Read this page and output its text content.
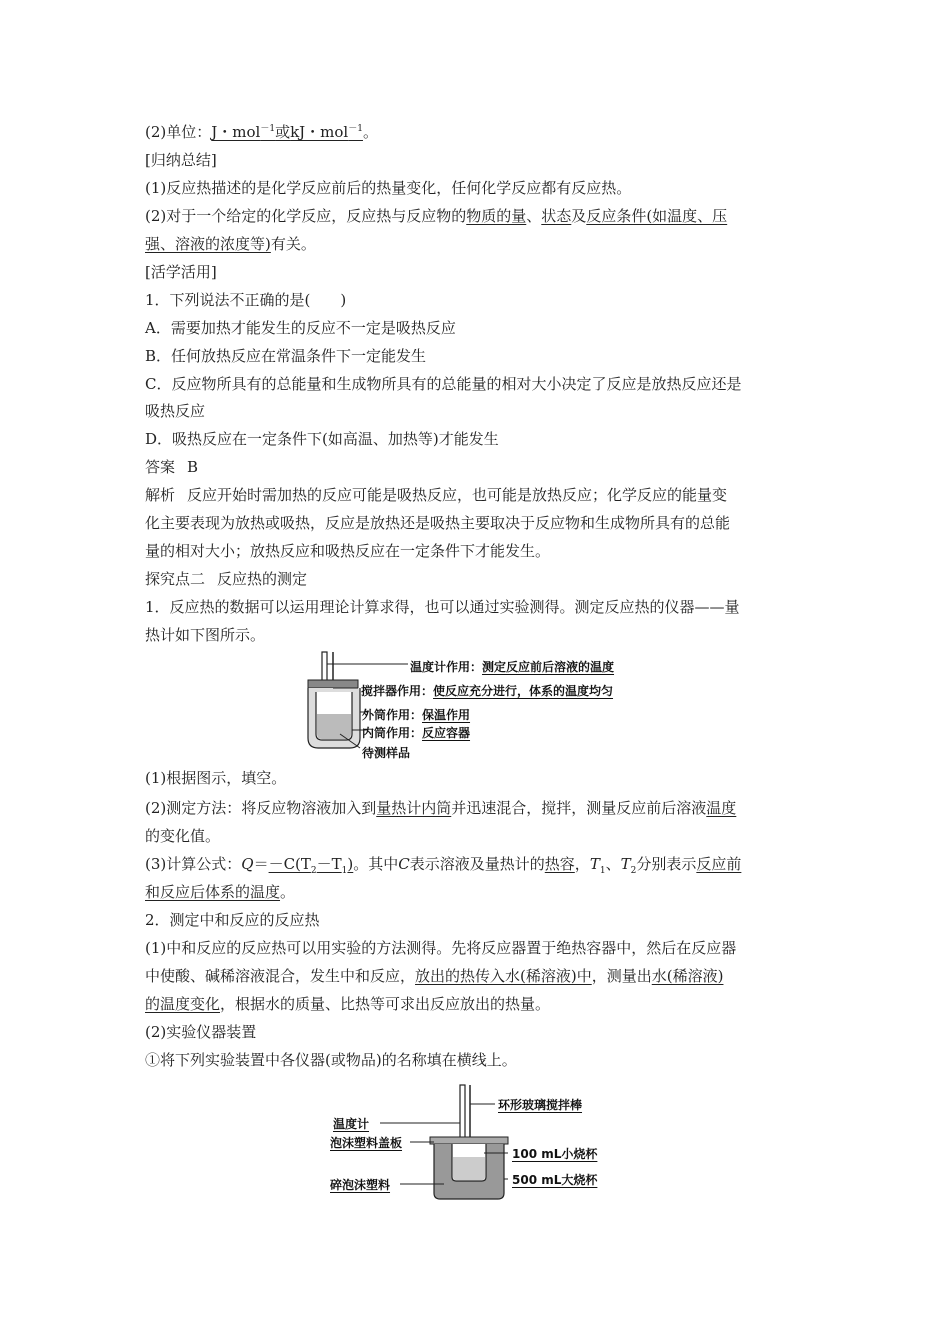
(2)单位：J・mol$^{-1}$或kJ・mol$^{-1}$。
[归纳总结]
(1)反应热描述的是化学反应前后的热量变化，任何化学反应都有反应热。
(2)对于一个给定的化学反应，反应热与反应物的物质的量、状态及反应条件(如温度、压
强、溶液的浓度等)有关。
[活学活用]
1．下列说法不正确的是(　　)
A．需要加热才能发生的反应不一定是吸热反应
B．任何放热反应在常温条件下一定能发生
C．反应物所具有的总能量和生成物所具有的总能量的相对大小决定了反应是放热反应还是
吸热反应
D．吸热反应在一定条件下(如高温、加热等)才能发生
答案 B
解析 反应开始时需加热的反应可能是吸热反应，也可能是放热反应；化学反应的能量变
化主要表现为放热或吸热，反应是放热还是吸热主要取决于反应物和生成物所具有的总能
量的相对大小；放热反应和吸热反应在一定条件下才能发生。
探究点二 反应热的测定
1．反应热的数据可以运用理论计算求得，也可以通过实验测得。测定反应热的仪器——量
热计如下图所示。
温度计作用：测定反应前后溶液的温度
搅拌器作用：使反应充分进行，体系的温度均匀
外筒作用：保温作用
内筒作用：反应容器
待测样品
(1)根据图示，填空。
(2)测定方法：将反应物溶液加入到量热计内筒并迅速混合，搅拌，测量反应前后溶液温度
的变化值。
(3)计算公式：$Q=-C(T_2-T_1)$。其中C表示溶液及量热计的热容，$T_1$、$T_2$分别表示反应前
和反应后体系的温度。
2．测定中和反应的反应热
(1)中和反应的反应热可以用实验的方法测得。先将反应器置于绝热容器中，然后在反应器
中使酸、碱稀溶液混合，发生中和反应，放出的热传入水(稀溶液)中，测量出水(稀溶液)
的温度变化，根据水的质量、比热等可求出反应放出的热量。
(2)实验仪器装置
①将下列实验装置中各仪器(或物品)的名称填在横线上。
温度计
泡沫塑料盖板
碎泡沫塑料
环形玻璃搅拌棒
100 mL小烧杯
500 mL大烧杯
